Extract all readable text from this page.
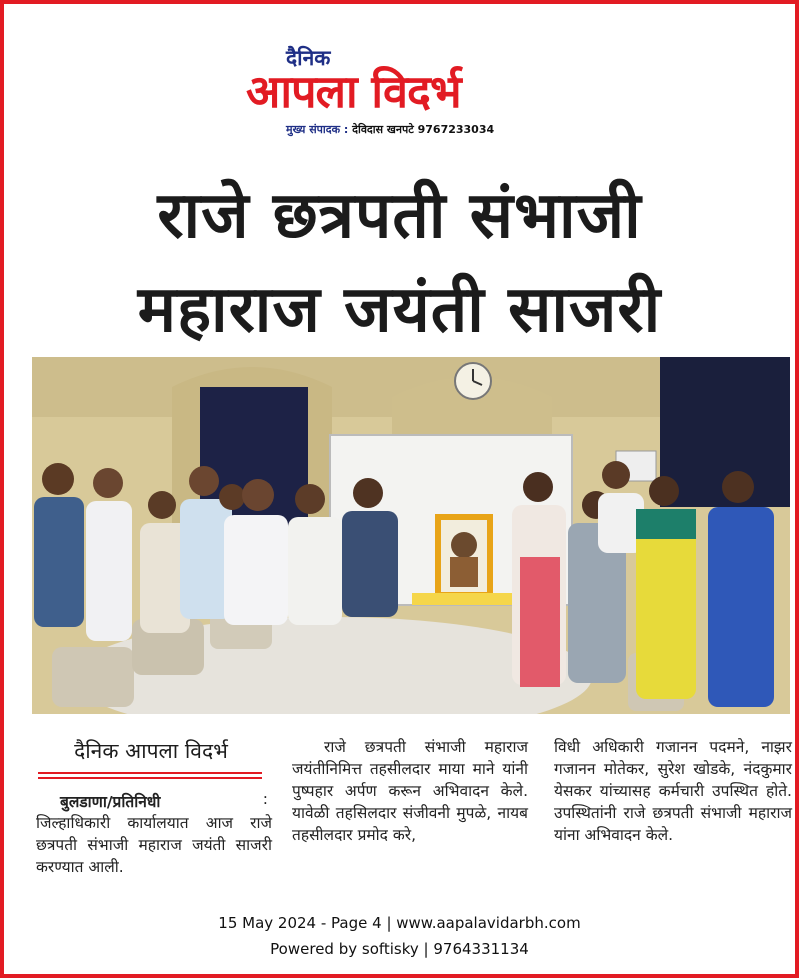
दैनिक
आपला विदर्भ
मुख्य संपादक : देविदास खनपटे 9767233034
राजे छत्रपती संभाजी
महाराज जयंती साजरी
दैनिक आपला विदर्भ
बुलडाणा/प्रतिनिधी	:
जिल्हाधिकारी कार्यालयात आज राजे छत्रपती संभाजी महाराज जयंती साजरी करण्यात आली.
राजे छत्रपती संभाजी महाराज जयंतीनिमित्त तहसीलदार माया माने यांनी पुष्पहार अर्पण करून अभिवादन केले. यावेळी तहसिलदार संजीवनी मुपळे, नायब तहसीलदार प्रमोद करे,
विधी अधिकारी गजानन पदमने, नाझर गजानन मोतेकर, सुरेश खोडके, नंदकुमार येसकर यांच्यासह कर्मचारी उपस्थित होते. उपस्थितांनी राजे छत्रपती संभाजी महाराज यांना अभिवादन केले.
15 May 2024 - Page 4 | www.aapalavidarbh.com
Powered by softisky | 9764331134
